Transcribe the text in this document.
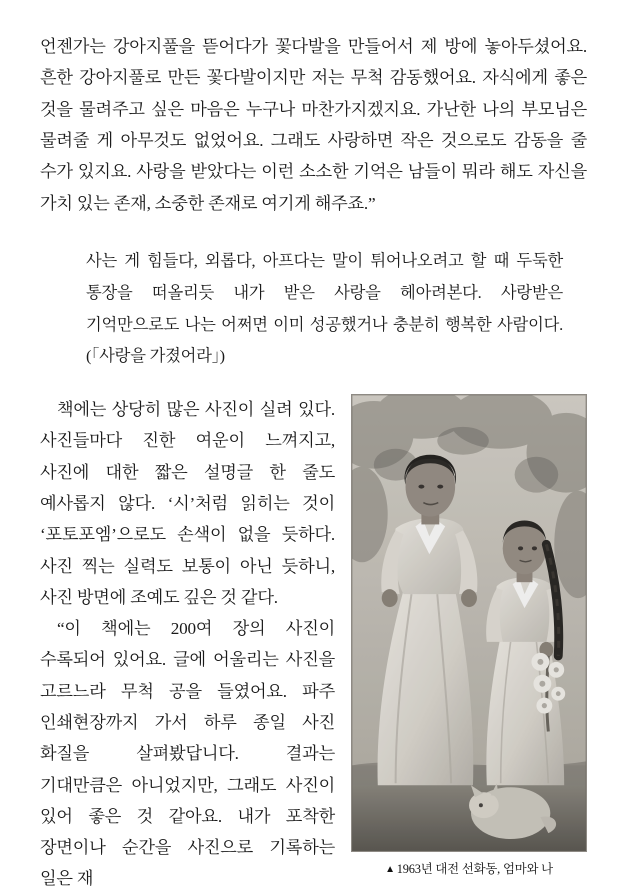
언젠가는 강아지풀을 뜯어다가 꽃다발을 만들어서 제 방에 놓아두셨어요. 흔한 강아지풀로 만든 꽃다발이지만 저는 무척 감동했어요. 자식에게 좋은 것을 물려주고 싶은 마음은 누구나 마찬가지겠지요. 가난한 나의 부모님은 물려줄 게 아무것도 없었어요. 그래도 사랑하면 작은 것으로도 감동을 줄 수가 있지요. 사랑을 받았다는 이런 소소한 기억은 남들이 뭐라 해도 자신을 가치 있는 존재, 소중한 존재로 여기게 해주죠.”

사는 게 힘들다, 외롭다, 아프다는 말이 튀어나오려고 할 때 두둑한 통장을 떠올리듯 내가 받은 사랑을 헤아려본다. 사랑받은 기억만으로도 나는 어쩌면 이미 성공했거나 충분히 행복한 사람이다. (「사랑을 가졌어라」)
▲ 1963년 대전 선화동, 엄마와 나

책에는 상당히 많은 사진이 실려 있다. 사진들마다 진한 여운이 느껴지고, 사진에 대한 짧은 설명글 한 줄도 예사롭지 않다. ‘시’처럼 읽히는 것이 ‘포토포엠’으로도 손색이 없을 듯하다. 사진 찍는 실력도 보통이 아닌 듯하니, 사진 방면에 조예도 깊은 것 같다.

“이 책에는 200여 장의 사진이 수록되어 있어요. 글에 어울리는 사진을 고르느라 무척 공을 들였어요. 파주 인쇄현장까지 가서 하루 종일 사진 화질을 살펴봤답니다. 결과는 기대만큼은 아니었지만, 그래도 사진이 있어 좋은 것 같아요. 내가 포착한 장면이나 순간을 사진으로 기록하는 일은 재
